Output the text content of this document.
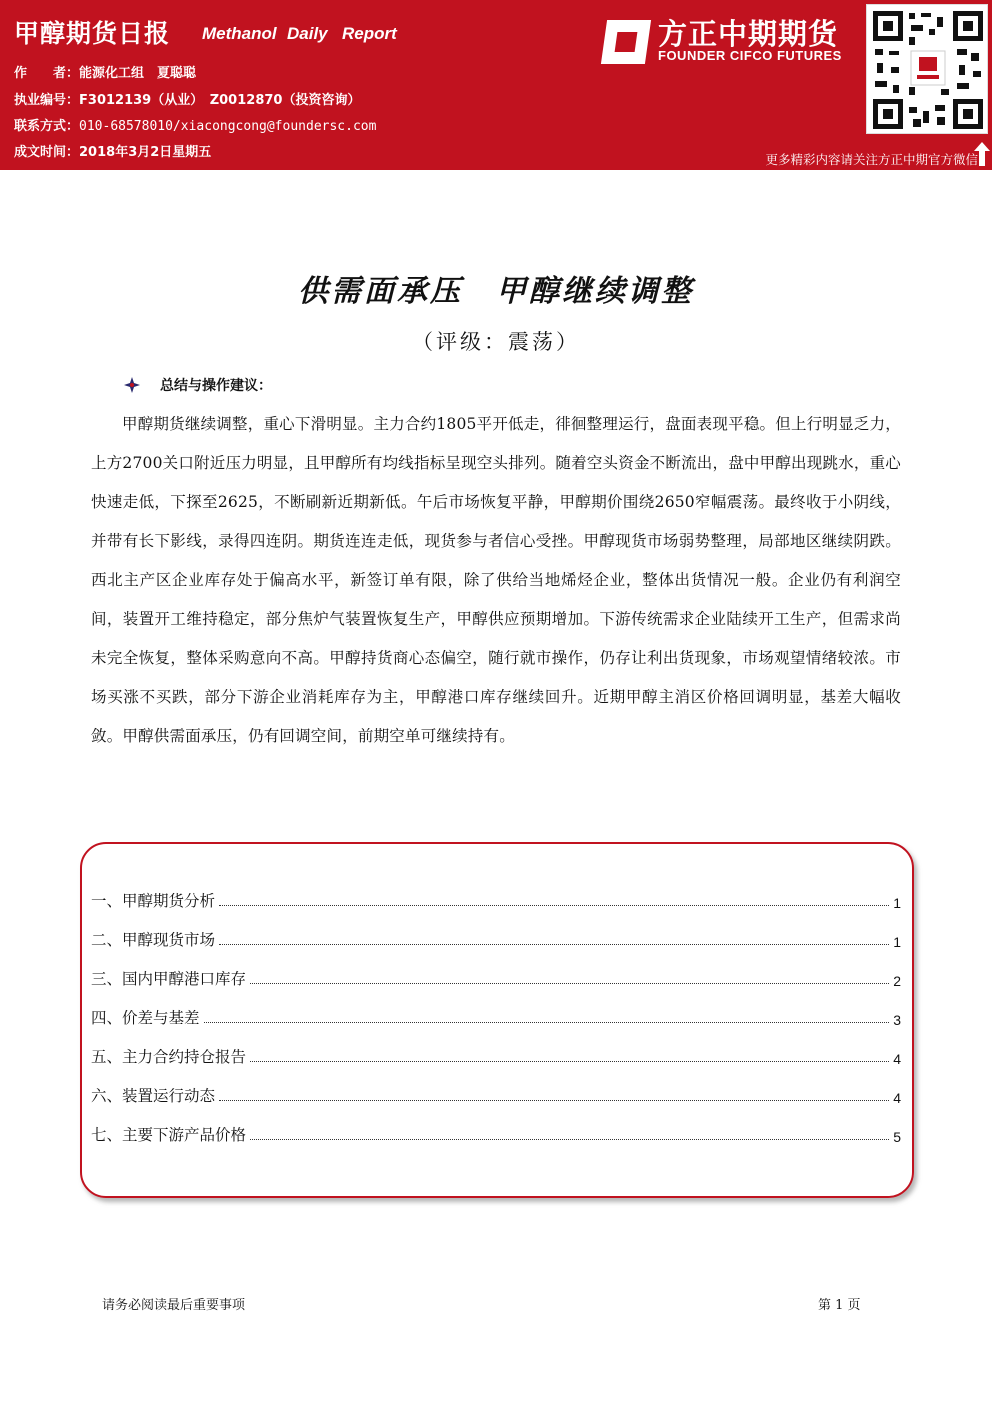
甲醇期货日报 Methanol Daily Report
作　　者：能源化工组　夏聪聪
执业编号：F3012139（从业）　Z0012870（投资咨询）
联系方式：010-68578010/xiacongcong@foundersc.com
成文时间：2018年3月2日星期五
方正中期期货
FOUNDER CIFCO FUTURES
更多精彩内容请关注方正中期官方微信
供需面承压　甲醇继续调整
（评级：震荡）
总结与操作建议：

甲醇期货继续调整，重心下滑明显。主力合约1805平开低走，徘徊整理运行，盘面表现平稳。但上行明显乏力，上方2700关口附近压力明显，且甲醇所有均线指标呈现空头排列。随着空头资金不断流出，盘中甲醇出现跳水，重心快速走低，下探至2625，不断刷新近期新低。午后市场恢复平静，甲醇期价围绕2650窄幅震荡。最终收于小阴线，并带有长下影线，录得四连阴。期货连连走低，现货参与者信心受挫。甲醇现货市场弱势整理，局部地区继续阴跌。西北主产区企业库存处于偏高水平，新签订单有限，除了供给当地烯烃企业，整体出货情况一般。企业仍有利润空间，装置开工维持稳定，部分焦炉气装置恢复生产，甲醇供应预期增加。下游传统需求企业陆续开工生产，但需求尚未完全恢复，整体采购意向不高。甲醇持货商心态偏空，随行就市操作，仍存让利出货现象，市场观望情绪较浓。市场买涨不买跌，部分下游企业消耗库存为主，甲醇港口库存继续回升。近期甲醇主消区价格回调明显，基差大幅收敛。甲醇供需面承压，仍有回调空间，前期空单可继续持有。

一、甲醇期货分析	1
二、甲醇现货市场	1
三、国内甲醇港口库存	2
四、价差与基差	3
五、主力合约持仓报告	4
六、装置运行动态	4
七、主要下游产品价格	5
请务必阅读最后重要事项	第 1 页
